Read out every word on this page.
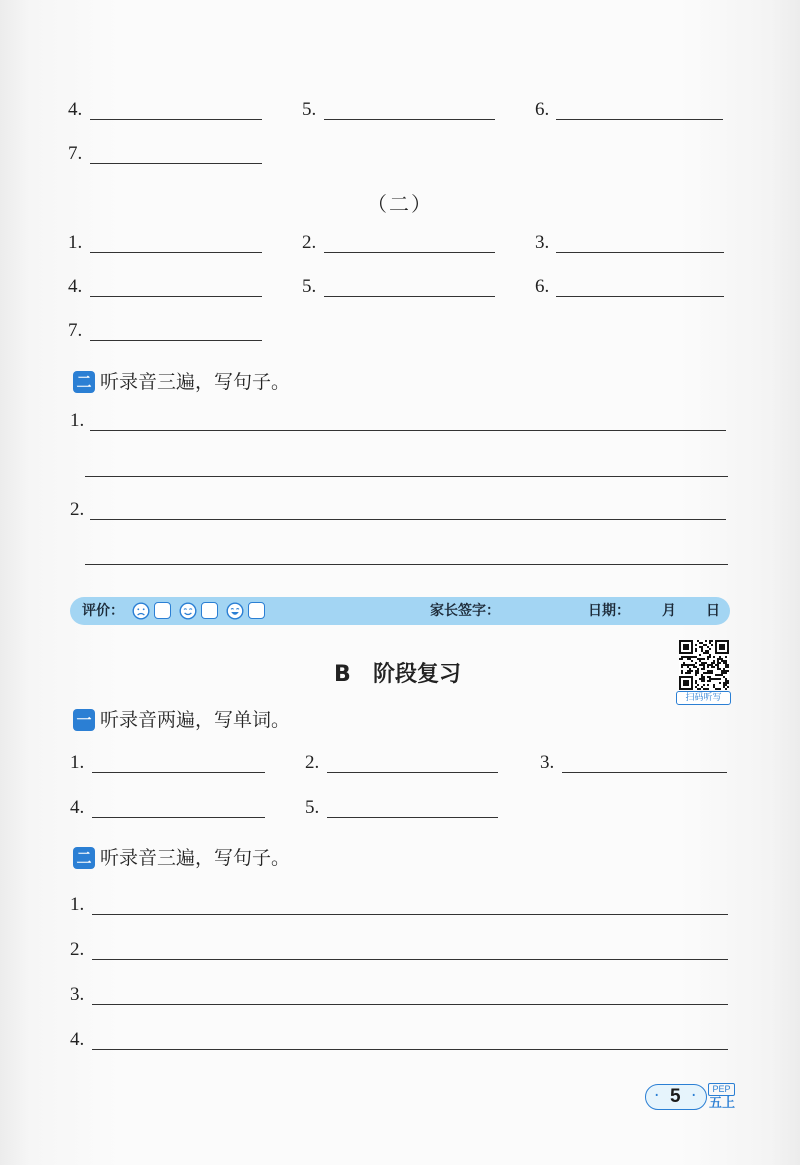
4.	5.	6.
7.
（二）
1.	2.	3.
4.	5.	6.
7.
二 听录音三遍，写句子。
1.
2.
评价：	家长签字：	日期： 月 日
扫码听写
B 阶段复习
一 听录音两遍，写单词。
1.	2.	3.
4.	5.
二 听录音三遍，写句子。
1.
2.
3.
4.
· 5 ·	PEP
五上
